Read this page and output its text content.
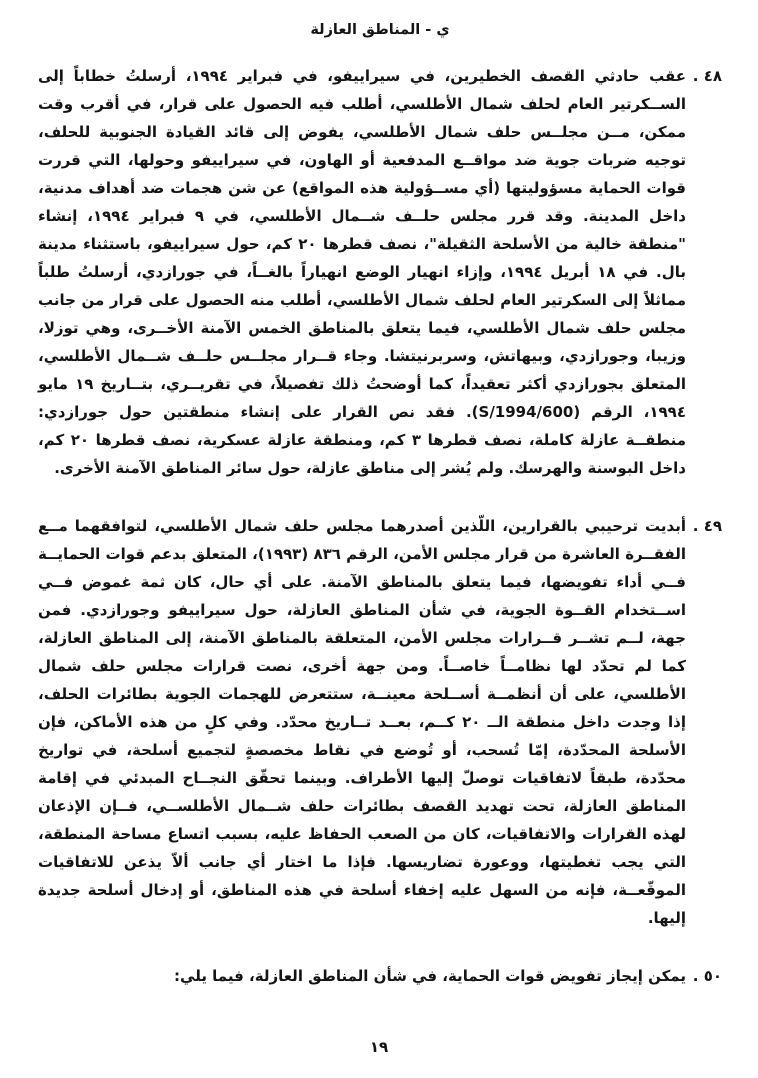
ي - المناطق العازلة
٤٨ .عقب حادثي القصف الخطيرين، في سيراييفو، في فبراير ١٩٩٤، أرسلتُ خطاباً إلى الســكرتير العام لحلف شمال الأطلسي، أطلب فيه الحصول على قرار، في أقرب وقت ممكن، مــن مجلــس حلف شمال الأطلسي، يفوض إلى قائد القيادة الجنوبية للحلف، توجيه ضربات جوية ضد مواقــع المدفعية أو الهاون، في سيراييفو وحولها، التي قررت قوات الحماية مسؤوليتها (أي مســؤولية هذه المواقع) عن شن هجمات ضد أهداف مدنية، داخل المدينة. وقد قرر مجلس حلــف شــمال الأطلسي، في ٩ فبراير ١٩٩٤، إنشاء "منطقة خالية من الأسلحة الثقيلة"، نصف قطرها ٢٠ كم، حول سيراييفو، باستثناء مدينة بال. في ١٨ أبريل ١٩٩٤، وإزاء انهيار الوضع انهياراً بالغــاً، في جورازدي، أرسلتُ طلباً مماثلاً إلى السكرتير العام لحلف شمال الأطلسي، أطلب منه الحصول على قرار من جانب مجلس حلف شمال الأطلسي، فيما يتعلق بالمناطق الخمس الآمنة الأخــرى، وهي توزلا، وزيبا، وجورازدي، وبيهاتش، وسربرنيتشا. وجاء قــرار مجلــس حلــف شــمال الأطلسي، المتعلق بجورازدي أكثر تعقيداً، كما أوضحتُ ذلك تفصيلاً، في تقريــري، بتــاريخ ١٩ مايو ١٩٩٤، الرقم (S/1994/600). فقد نص القرار على إنشاء منطقتين حول جورازدي: منطقــة عازلة كاملة، نصف قطرها ٣ كم، ومنطقة عازلة عسكرية، نصف قطرها ٢٠ كم، داخل البوسنة والهرسك. ولم يُشر إلى مناطق عازلة، حول سائر المناطق الآمنة الأخرى.
٤٩ .أبديت ترحيبي بالقرارين، اللّذين أصدرهما مجلس حلف شمال الأطلسي، لتوافقهما مــع الفقــرة العاشرة من قرار مجلس الأمن، الرقم ٨٣٦ (١٩٩٣)، المتعلق بدعم قوات الحمايــة فــي أداء تفويضها، فيما يتعلق بالمناطق الآمنة. على أي حال، كان ثمة غموض فــي اســتخدام القــوة الجوية، في شأن المناطق العازلة، حول سيراييفو وجورازدي. فمن جهة، لــم تشــر قــرارات مجلس الأمن، المتعلقة بالمناطق الآمنة، إلى المناطق العازلة، كما لم تحدّد لها نظامــاً خاصــاً. ومن جهة أخرى، نصت قرارات مجلس حلف شمال الأطلسي، على أن أنظمــة أســلحة معينــة، ستتعرض للهجمات الجوية بطائرات الحلف، إذا وجدت داخل منطقة الــ ٢٠ كــم، بعــد تــاريخ محدّد. وفي كلٍ من هذه الأماكن، فإن الأسلحة المحدّدة، إمّا تُسحب، أو تُوضع في نقاط مخصصةٍ لتجميع أسلحة، في تواريخ محدّدة، طبقاً لاتفاقيات توصلّ إليها الأطراف. وبينما تحقّق النجــاح المبدئي في إقامة المناطق العازلة، تحت تهديد القصف بطائرات حلف شــمال الأطلســي، فــإن الإذعان لهذه القرارات والاتفاقيات، كان من الصعب الحفاظ عليه، بسبب اتساع مساحة المنطقة، التي يجب تغطيتها، ووعورة تضاريسها. فإذا ما اختار أي جانب ألاّ يذعن للاتفاقيات الموقّعــة، فإنه من السهل عليه إخفاء أسلحة في هذه المناطق، أو إدخال أسلحة جديدة إليها.
٥٠ .يمكن إيجاز تفويض قوات الحماية، في شأن المناطق العازلة، فيما يلي:
١٩
